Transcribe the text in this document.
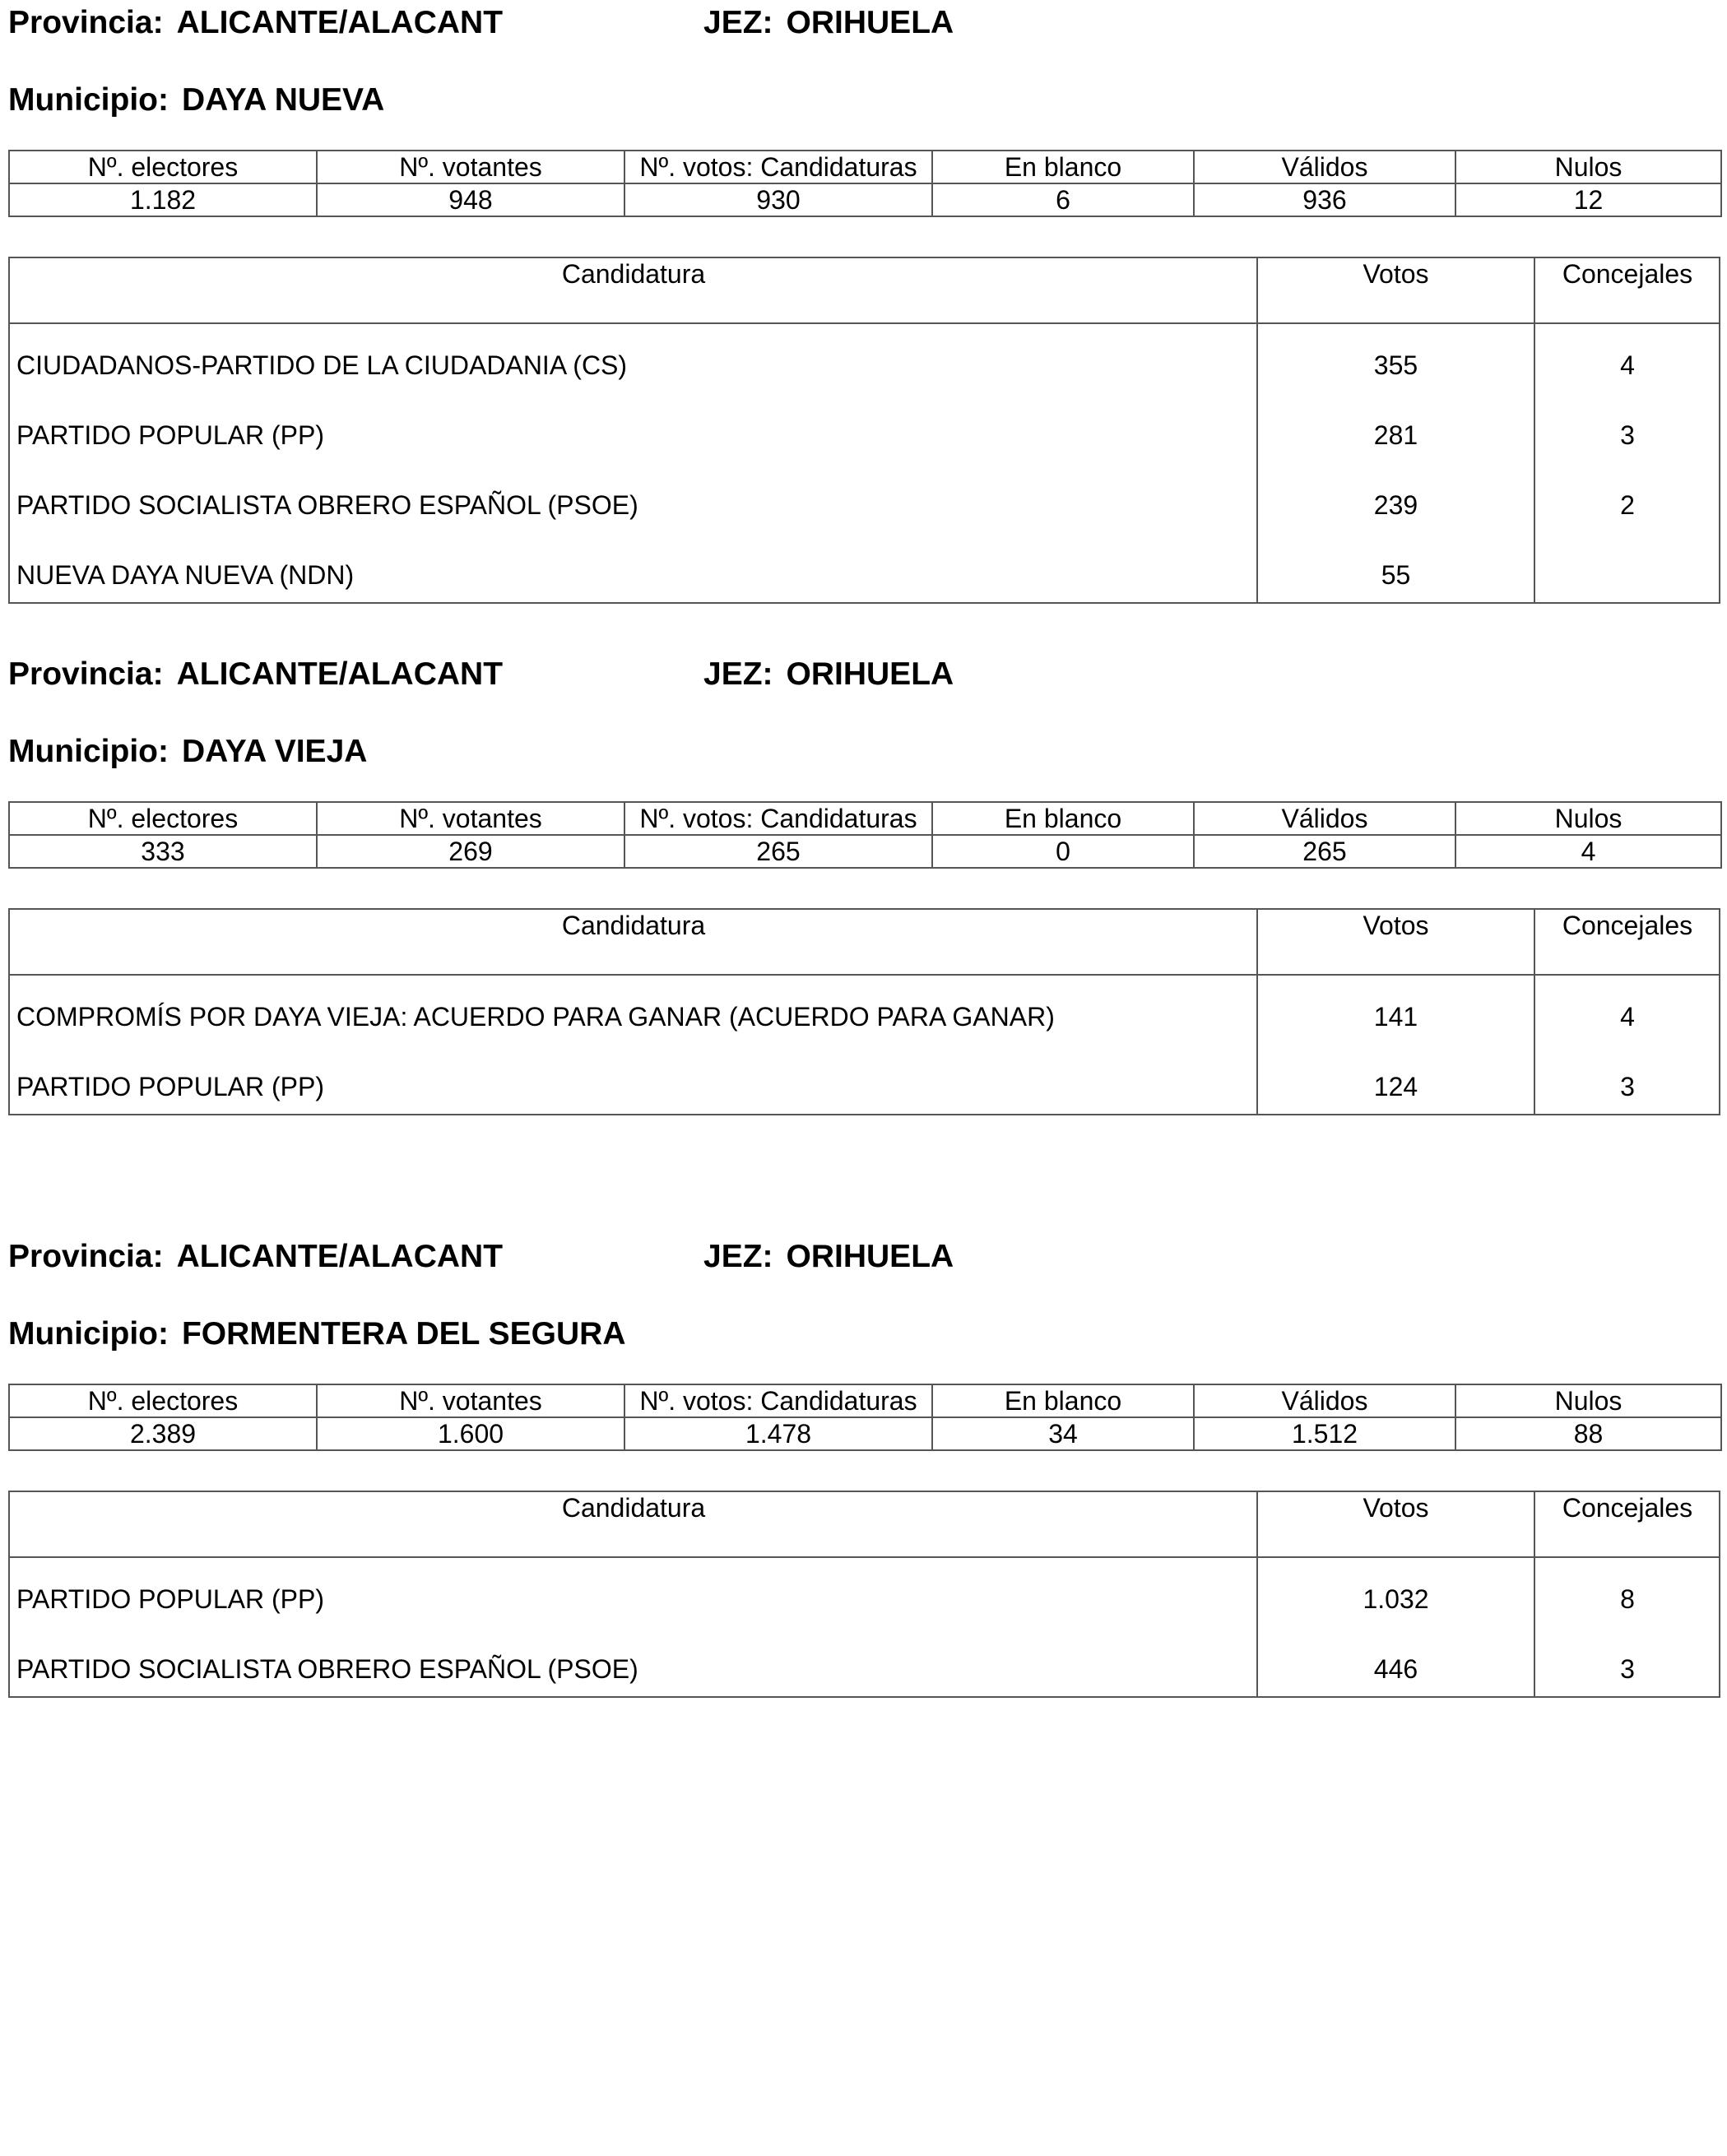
Provincia: ALICANTE/ALACANT	JEZ: ORIHUELA
Municipio: DAYA NUEVA
Nº. electores	Nº. votantes	Nº. votos: Candidaturas	En blanco	Válidos	Nulos
1.182	948	930	6	936	12
Candidatura	Votos	Concejales
CIUDADANOS-PARTIDO DE LA CIUDADANIA (CS)	355	4
PARTIDO POPULAR (PP)	281	3
PARTIDO SOCIALISTA OBRERO ESPAÑOL (PSOE)	239	2
NUEVA DAYA NUEVA (NDN)	55
Provincia: ALICANTE/ALACANT	JEZ: ORIHUELA
Municipio: DAYA VIEJA
Nº. electores	Nº. votantes	Nº. votos: Candidaturas	En blanco	Válidos	Nulos
333	269	265	0	265	4
Candidatura	Votos	Concejales
COMPROMÍS POR DAYA VIEJA: ACUERDO PARA GANAR (ACUERDO PARA GANAR)	141	4
PARTIDO POPULAR (PP)	124	3
Provincia: ALICANTE/ALACANT	JEZ: ORIHUELA
Municipio: FORMENTERA DEL SEGURA
Nº. electores	Nº. votantes	Nº. votos: Candidaturas	En blanco	Válidos	Nulos
2.389	1.600	1.478	34	1.512	88
Candidatura	Votos	Concejales
PARTIDO POPULAR (PP)	1.032	8
PARTIDO SOCIALISTA OBRERO ESPAÑOL (PSOE)	446	3
